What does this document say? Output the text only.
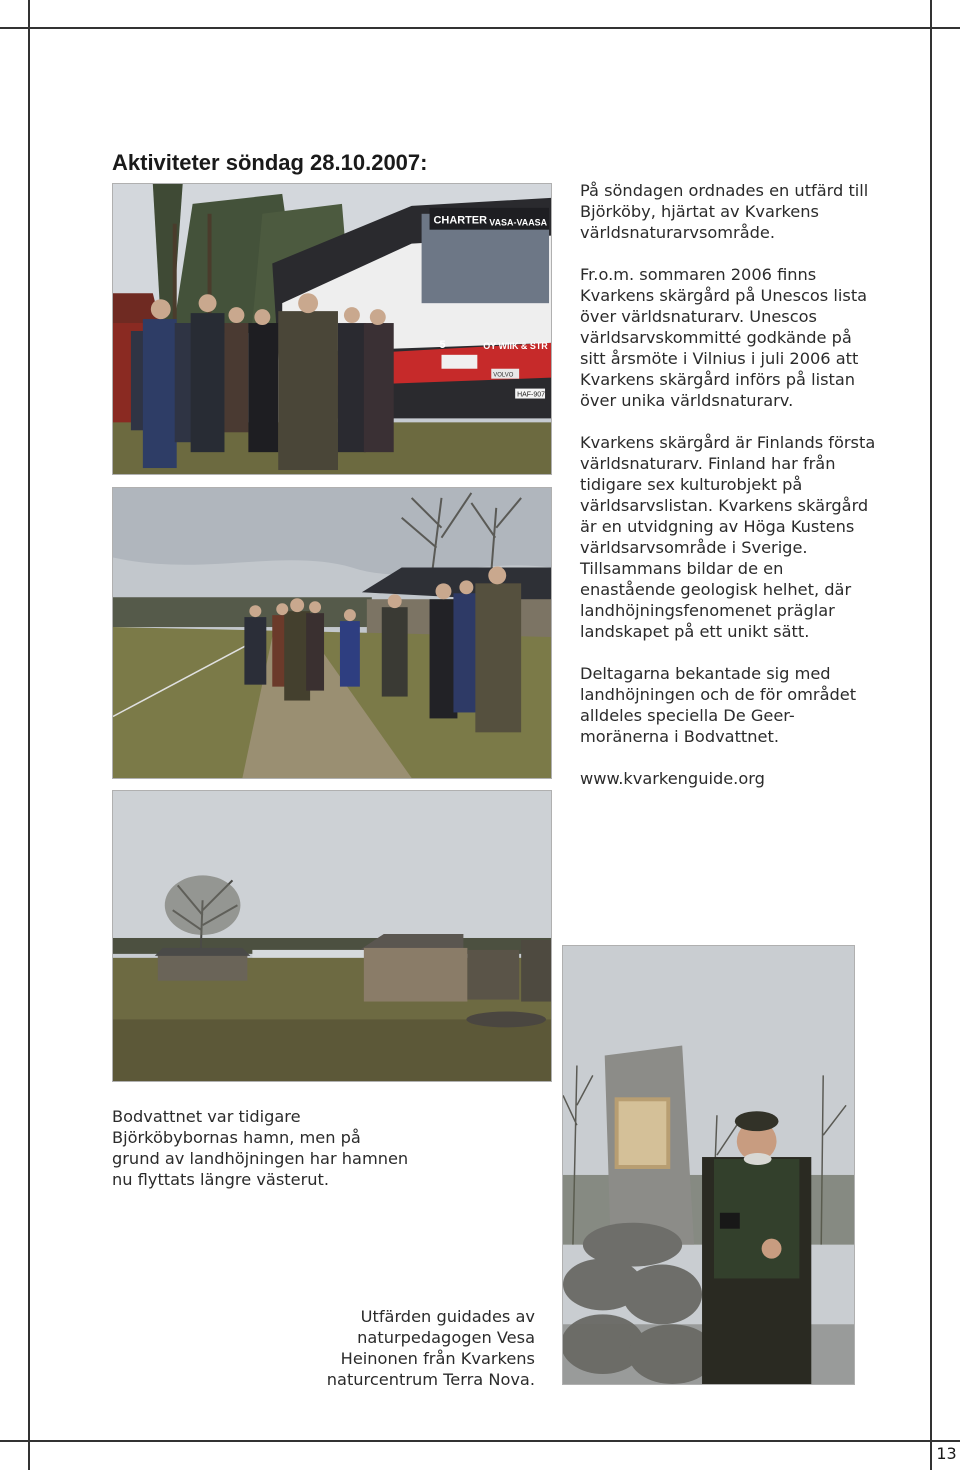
Aktiviteter söndag 28.10.2007:
CHARTER VASA-VAASA
5	OY WIIK & STR
VOLVO
HAF-907

På söndagen ordnades en utfärd till Björköby, hjärtat av Kvarkens världsnaturarvsområde.

Fr.o.m. sommaren 2006 finns Kvarkens skärgård på Unescos lista över världsnaturarv. Unescos världsarvskommitté godkände på sitt årsmöte i Vilnius i juli 2006 att Kvarkens skärgård införs på listan över unika världsnaturarv.

Kvarkens skärgård är Finlands första världsnaturarv. Finland har från tidigare sex kulturobjekt på världsarvslistan. Kvarkens skärgård är en utvidgning av Höga Kustens världsarvsområde i Sverige. Tillsammans bildar de en enastående geologisk helhet, där landhöjningsfenomenet präglar landskapet på ett unikt sätt.

Deltagarna bekantade sig med landhöjningen och de för området alldeles speciella De Geer-moränerna i Bodvattnet.

www.kvarkenguide.org

Bodvattnet var tidigare Björköbybornas hamn, men på grund av landhöjningen har hamnen nu flyttats längre västerut.

Utfärden guidades av naturpedagogen Vesa Heinonen från Kvarkens naturcentrum Terra Nova.

13
